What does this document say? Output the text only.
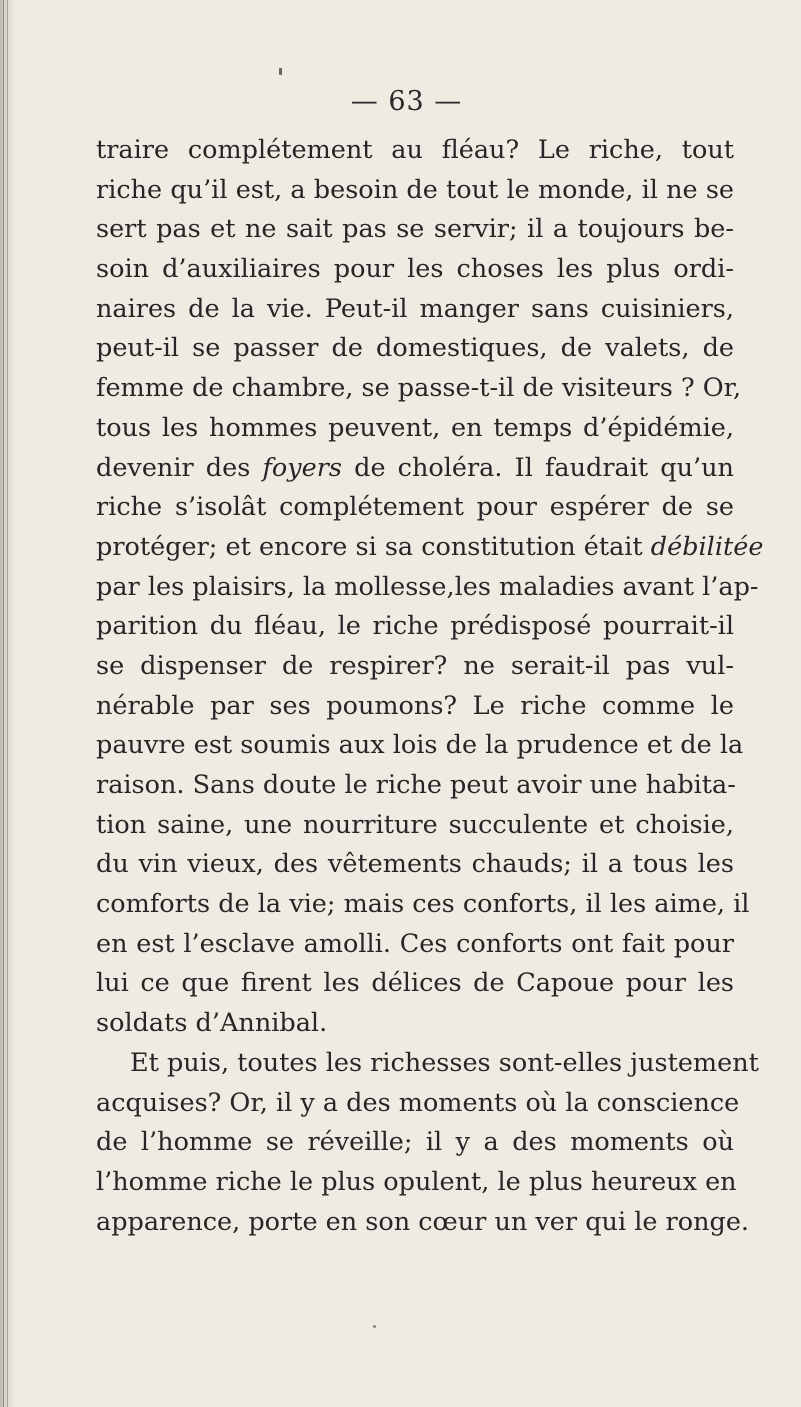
— 63 —
traire complétement au fléau? Le riche, tout
riche qu’il est, a besoin de tout le monde, il ne se
sert pas et ne sait pas se servir; il a toujours be-
soin d’auxiliaires pour les choses les plus ordi-
naires de la vie. Peut-il manger sans cuisiniers,
peut-il se passer de domestiques, de valets, de
femme de chambre, se passe-t-il de visiteurs ? Or,
tous les hommes peuvent, en temps d’épidémie,
devenir des foyers de choléra. Il faudrait qu’un
riche s’isolât complétement pour espérer de se
protéger; et encore si sa constitution était débilitée
par les plaisirs, la mollesse,les maladies avant l’ap-
parition du fléau, le riche prédisposé pourrait-il
se dispenser de respirer? ne serait-il pas vul-
nérable par ses poumons? Le riche comme le
pauvre est soumis aux lois de la prudence et de la
raison. Sans doute le riche peut avoir une habita-
tion saine, une nourriture succulente et choisie,
du vin vieux, des vêtements chauds; il a tous les
comforts de la vie; mais ces conforts, il les aime, il
en est l’esclave amolli. Ces conforts ont fait pour
lui ce que firent les délices de Capoue pour les
soldats d’Annibal.
Et puis, toutes les richesses sont-elles justement
acquises? Or, il y a des moments où la conscience
de l’homme se réveille; il y a des moments où
l’homme riche le plus opulent, le plus heureux en
apparence, porte en son cœur un ver qui le ronge.
